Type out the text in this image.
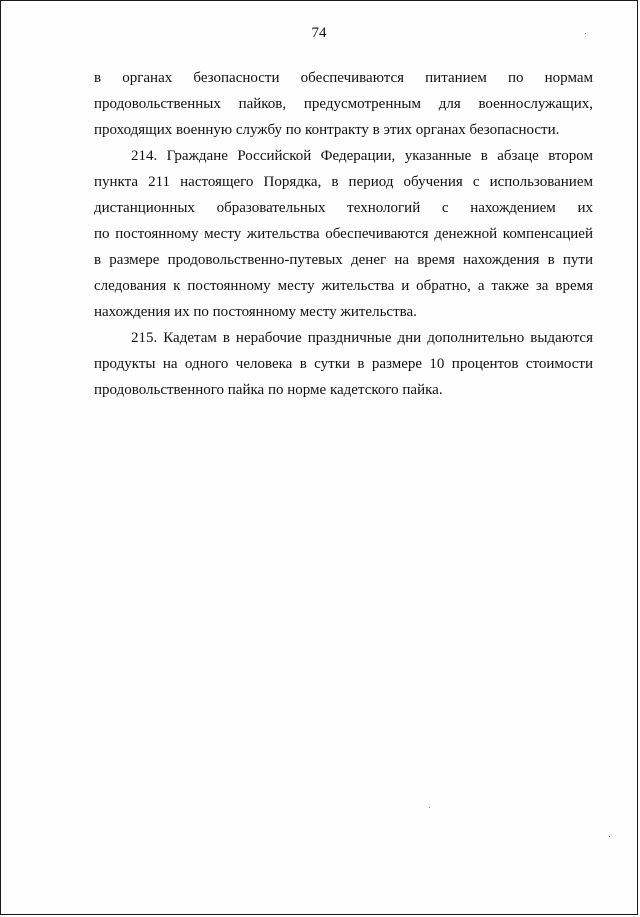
74
в органах безопасности обеспечиваются питанием по нормам
продовольственных пайков, предусмотренным для военнослужащих,
проходящих военную службу по контракту в этих органах безопасности.
214. Граждане Российской Федерации, указанные в абзаце втором
пункта 211 настоящего Порядка, в период обучения с использованием
дистанционных образовательных технологий с нахождением их
по постоянному месту жительства обеспечиваются денежной компенсацией
в размере продовольственно-путевых денег на время нахождения в пути
следования к постоянному месту жительства и обратно, а также за время
нахождения их по постоянному месту жительства.
215. Кадетам в нерабочие праздничные дни дополнительно выдаются
продукты на одного человека в сутки в размере 10 процентов стоимости
продовольственного пайка по норме кадетского пайка.
